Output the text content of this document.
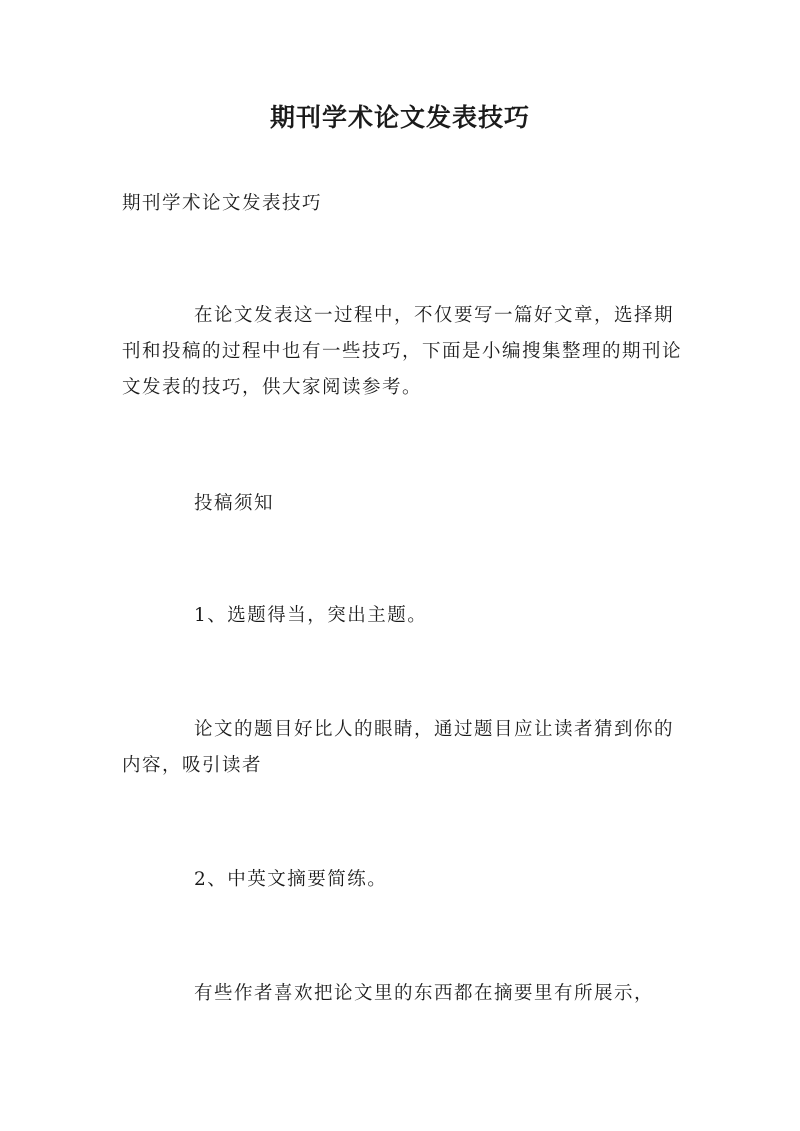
期刊学术论文发表技巧

期刊学术论文发表技巧

在论文发表这一过程中，不仅要写一篇好文章，选择期刊和投稿的过程中也有一些技巧，下面是小编搜集整理的期刊论文发表的技巧，供大家阅读参考。

投稿须知

1、选题得当，突出主题。

论文的题目好比人的眼睛，通过题目应让读者猜到你的内容，吸引读者

2、中英文摘要简练。

有些作者喜欢把论文里的东西都在摘要里有所展示，
